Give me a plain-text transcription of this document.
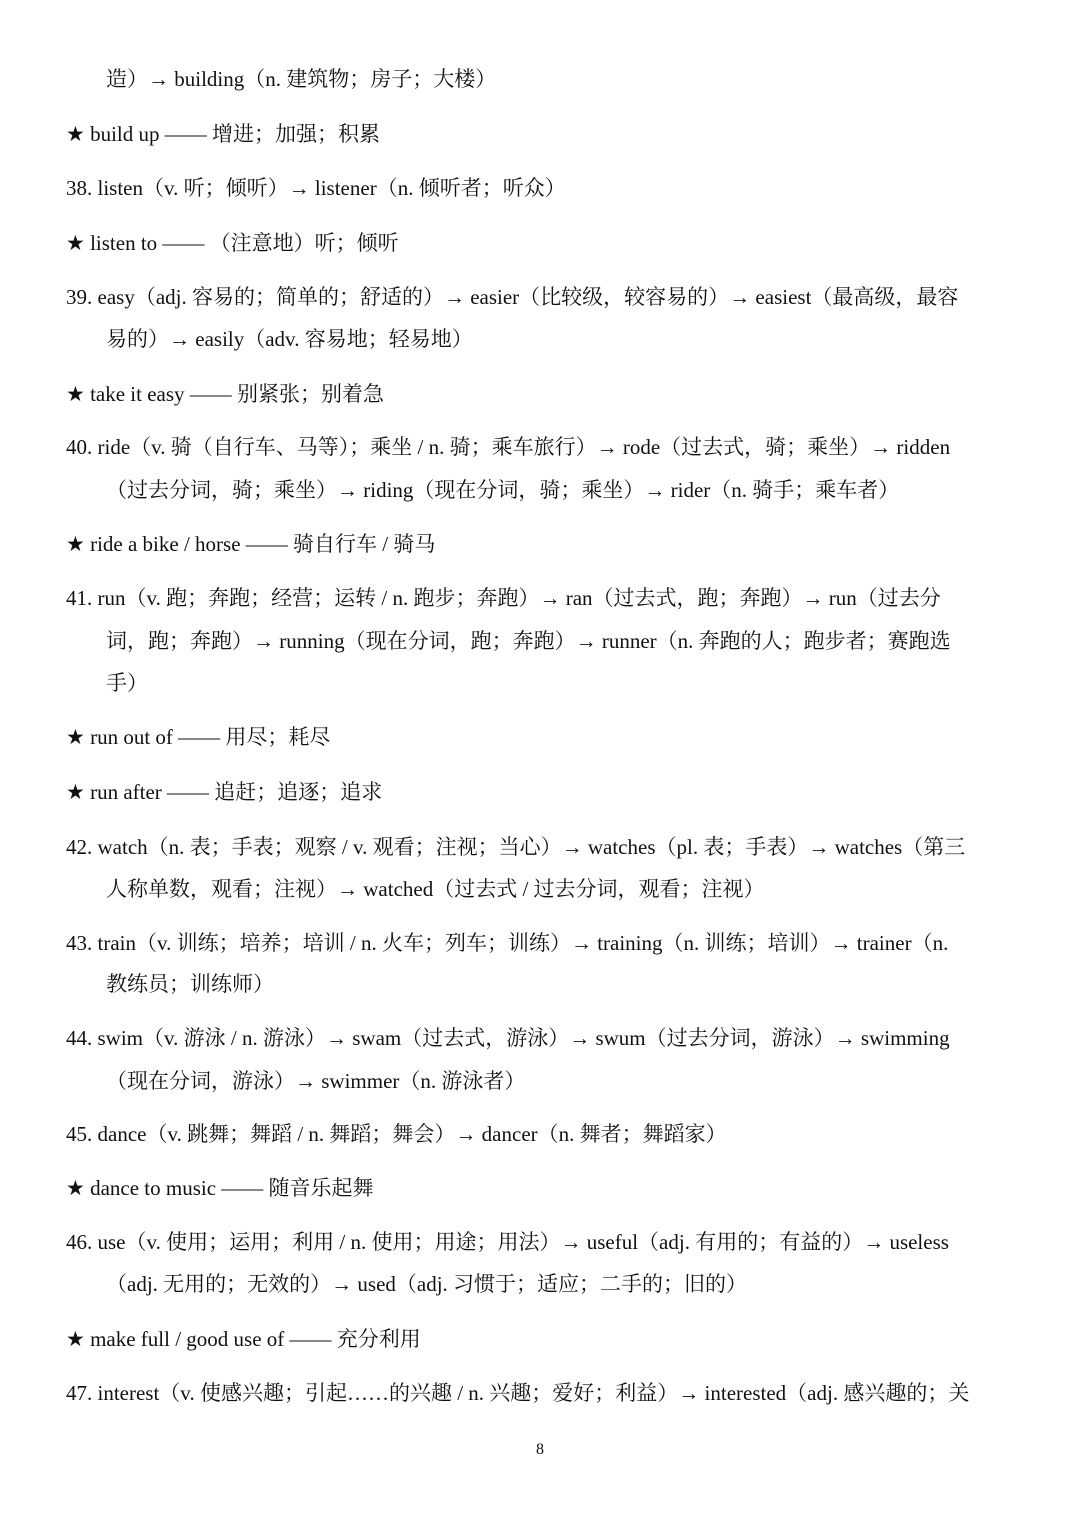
造）→ building（n. 建筑物；房子；大楼）
★ build up —— 增进；加强；积累
38. listen（v. 听；倾听）→ listener（n. 倾听者；听众）
★ listen to —— （注意地）听；倾听
39. easy（adj. 容易的；简单的；舒适的）→ easier（比较级，较容易的）→ easiest（最高级，最容
易的）→ easily（adv. 容易地；轻易地）
★ take it easy —— 别紧张；别着急
40. ride（v. 骑（自行车、马等）；乘坐 / n. 骑；乘车旅行）→ rode（过去式，骑；乘坐）→ ridden
（过去分词，骑；乘坐）→ riding（现在分词，骑；乘坐）→ rider（n. 骑手；乘车者）
★ ride a bike / horse —— 骑自行车 / 骑马
41. run（v. 跑；奔跑；经营；运转 / n. 跑步；奔跑）→ ran（过去式，跑；奔跑）→ run（过去分
词，跑；奔跑）→ running（现在分词，跑；奔跑）→ runner（n. 奔跑的人；跑步者；赛跑选
手）
★ run out of —— 用尽；耗尽
★ run after —— 追赶；追逐；追求
42. watch（n. 表；手表；观察 / v. 观看；注视；当心）→ watches（pl. 表；手表）→ watches（第三
人称单数，观看；注视）→ watched（过去式 / 过去分词，观看；注视）
43. train（v. 训练；培养；培训 / n. 火车；列车；训练）→ training（n. 训练；培训）→ trainer（n.
教练员；训练师）
44. swim（v. 游泳 / n. 游泳）→ swam（过去式，游泳）→ swum（过去分词，游泳）→ swimming
（现在分词，游泳）→ swimmer（n. 游泳者）
45. dance（v. 跳舞；舞蹈 / n. 舞蹈；舞会）→ dancer（n. 舞者；舞蹈家）
★ dance to music —— 随音乐起舞
46. use（v. 使用；运用；利用 / n. 使用；用途；用法）→ useful（adj. 有用的；有益的）→ useless
（adj. 无用的；无效的）→ used（adj. 习惯于；适应；二手的；旧的）
★ make full / good use of —— 充分利用
47. interest（v. 使感兴趣；引起……的兴趣 / n. 兴趣；爱好；利益）→ interested（adj. 感兴趣的；关
8
